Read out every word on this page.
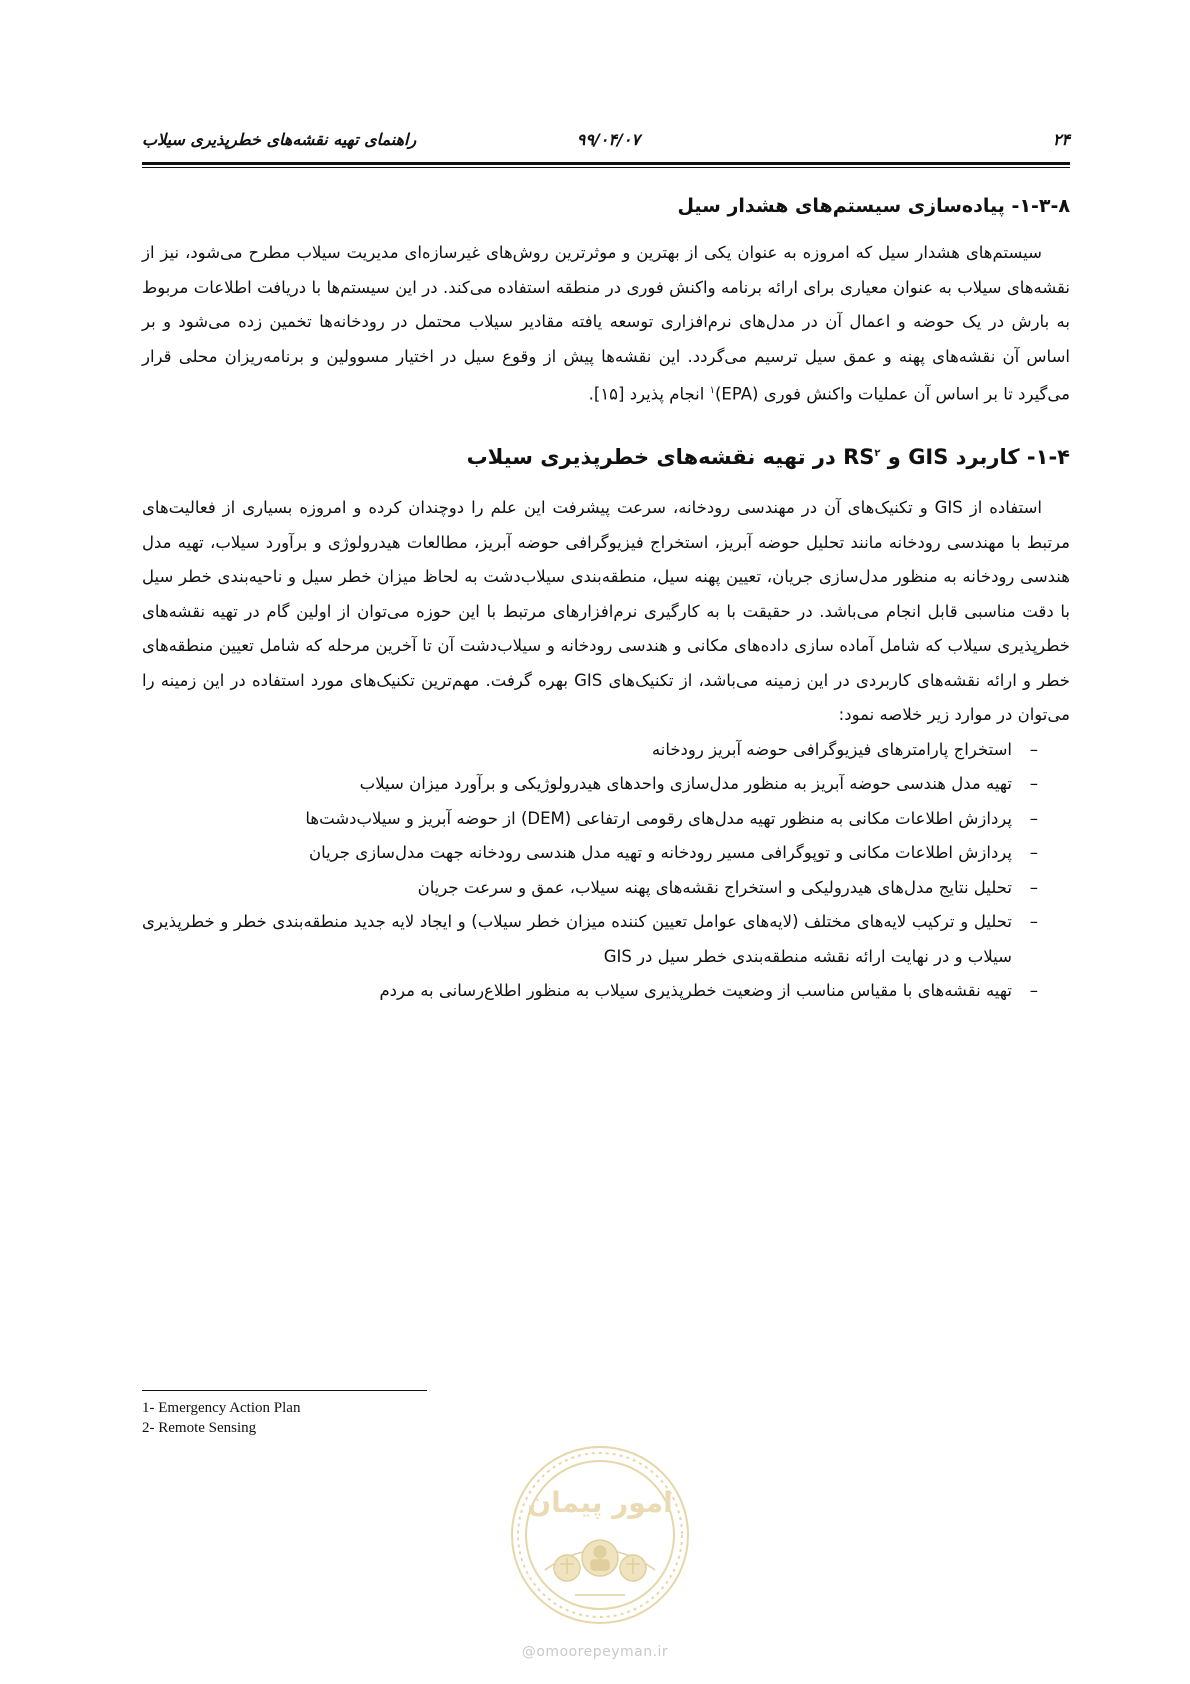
۲۴
۹۹/۰۴/۰۷
راهنمای تهیه نقشه‌های خطرپذیری سیلاب
۱-۳-۸- پیاده‌سازی سیستم‌های هشدار سیل

سیستم‌های هشدار سیل که امروزه به عنوان یکی از بهترین و موثرترین روش‌های غیرسازه‌ای مدیریت سیلاب مطرح می‌شود، نیز از نقشه‌های سیلاب به عنوان معیاری برای ارائه برنامه واکنش فوری در منطقه استفاده می‌کند. در این سیستم‌ها با دریافت اطلاعات مربوط به بارش در یک حوضه و اعمال آن در مدل‌های نرم‌افزاری توسعه یافته مقادیر سیلاب محتمل در رودخانه‌ها تخمین زده می‌شود و بر اساس آن نقشه‌های پهنه و عمق سیل ترسیم می‌گردد. این نقشه‌ها پیش از وقوع سیل در اختیار مسوولین و برنامه‌ریزان محلی قرار می‌گیرد تا بر اساس آن عملیات واکنش فوری (EPA)$^۱$ انجام پذیرد [۱۵].

۱-۴- کاربرد GIS و $RS^۲$ در تهیه نقشه‌های خطرپذیری سیلاب

استفاده از GIS و تکنیک‌های آن در مهندسی رودخانه، سرعت پیشرفت این علم را دوچندان کرده و امروزه بسیاری از فعالیت‌های مرتبط با مهندسی رودخانه مانند تحلیل حوضه آبریز، استخراج فیزیوگرافی حوضه آبریز، مطالعات هیدرولوژی و برآورد سیلاب، تهیه مدل هندسی رودخانه به منظور مدل‌سازی جریان، تعیین پهنه سیل، منطقه‌بندی سیلاب‌دشت به لحاظ میزان خطر سیل و ناحیه‌بندی خطر سیل با دقت مناسبی قابل انجام می‌باشد. در حقیقت با به کارگیری نرم‌افزارهای مرتبط با این حوزه می‌توان از اولین گام در تهیه نقشه‌های خطرپذیری سیلاب که شامل آماده سازی داده‌های مکانی و هندسی رودخانه و سیلاب‌دشت آن تا آخرین مرحله که شامل تعیین منطقه‌های خطر و ارائه نقشه‌های کاربردی در این زمینه می‌باشد، از تکنیک‌های GIS بهره گرفت. مهم‌ترین تکنیک‌های مورد استفاده در این زمینه را می‌توان در موارد زیر خلاصه نمود:

–
استخراج پارامترهای فیزیوگرافی حوضه آبریز رودخانه
–
تهیه مدل هندسی حوضه آبریز به منظور مدل‌سازی واحدهای هیدرولوژیکی و برآورد میزان سیلاب
–
پردازش اطلاعات مکانی به منظور تهیه مدل‌های رقومی ارتفاعی (DEM) از حوضه آبریز و سیلاب‌دشت‌ها
–
پردازش اطلاعات مکانی و توپوگرافی مسیر رودخانه و تهیه مدل هندسی رودخانه جهت مدل‌سازی جریان
–
تحلیل نتایج مدل‌های هیدرولیکی و استخراج نقشه‌های پهنه سیلاب، عمق و سرعت جریان
–
تحلیل و ترکیب لایه‌های مختلف (لایه‌های عوامل تعیین کننده میزان خطر سیلاب) و ایجاد لایه جدید منطقه‌بندی خطر و خطرپذیری سیلاب و در نهایت ارائه نقشه منطقه‌بندی خطر سیل در GIS
–
تهیه نقشه‌های با مقیاس مناسب از وضعیت خطرپذیری سیلاب به منظور اطلاع‌رسانی به مردم
1- Emergency Action Plan
2- Remote Sensing
امور پیمان
@omoorepeyman.ir
